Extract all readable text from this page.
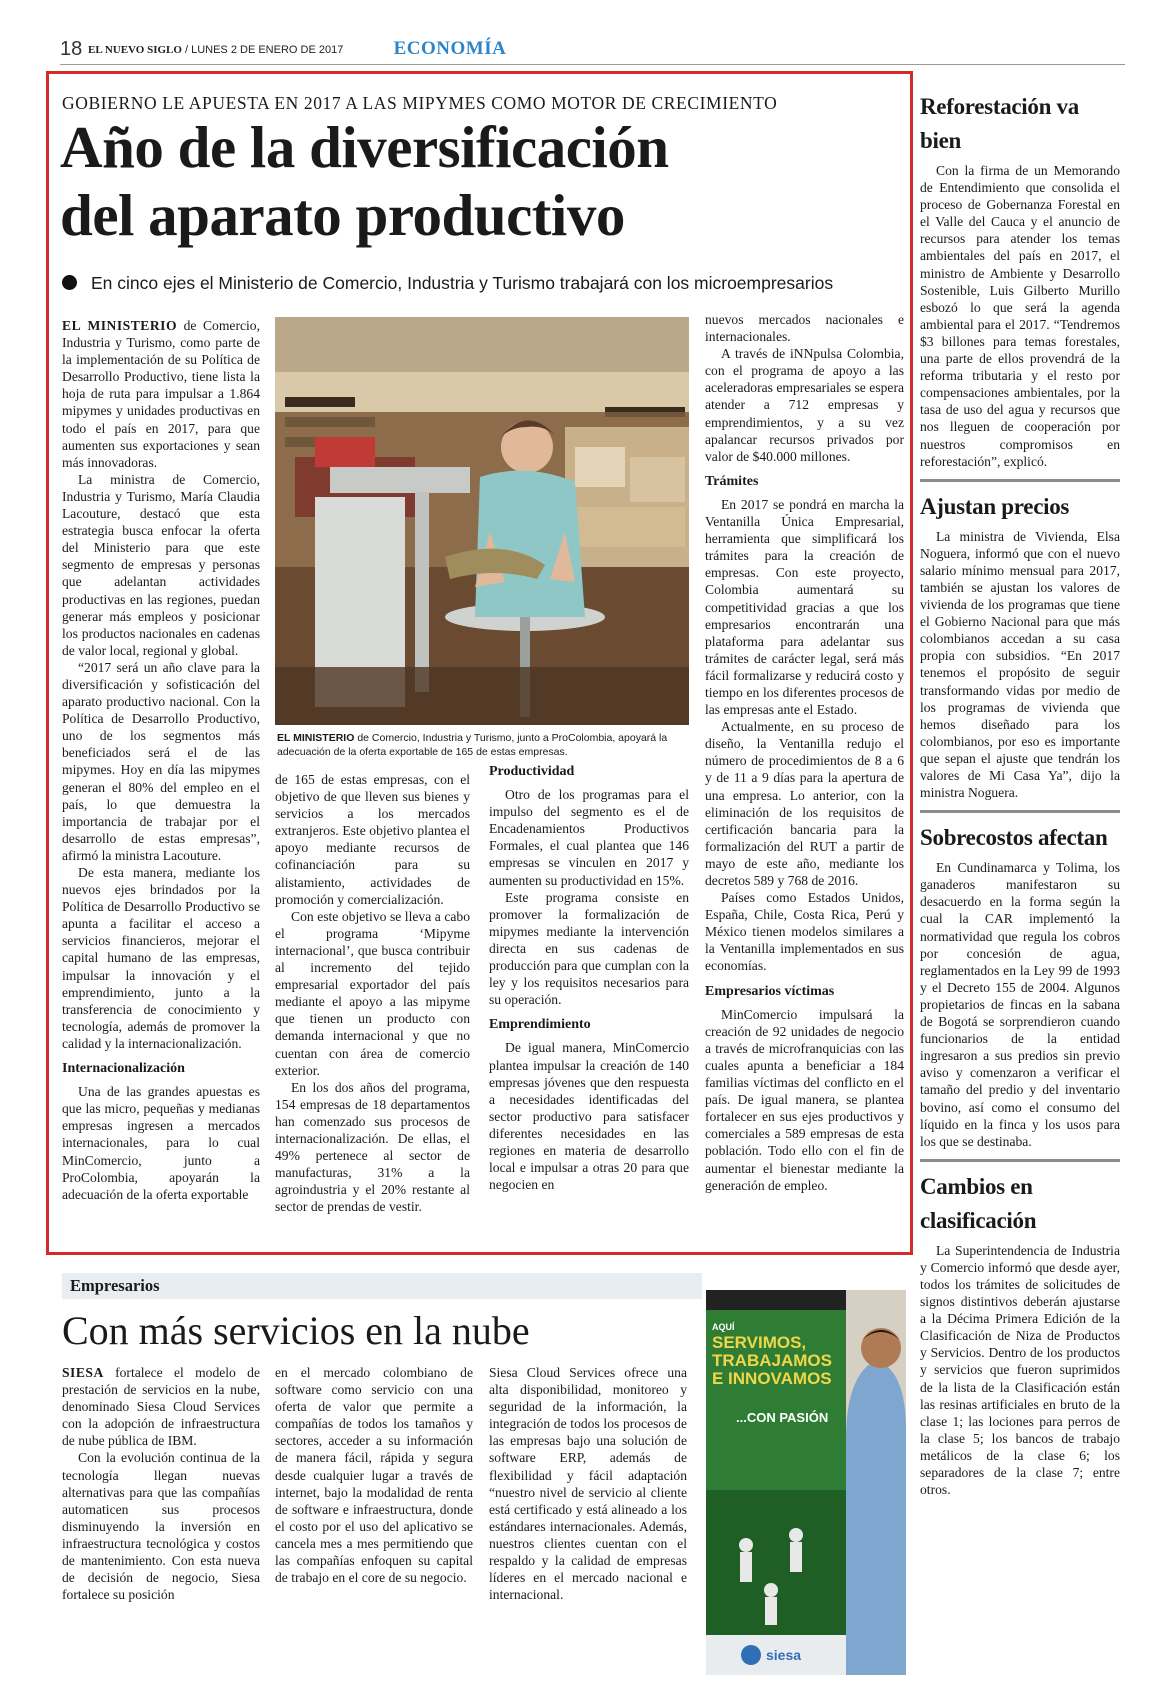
18 EL NUEVO SIGLO / LUNES 2 DE ENERO DE 2017	ECONOMÍA
GOBIERNO LE APUESTA EN 2017 A LAS MIPYMES COMO MOTOR DE CRECIMIENTO
Año de la diversificación
del aparato productivo
En cinco ejes el Ministerio de Comercio, Industria y Turismo trabajará con los microempresarios

EL MINISTERIO de Comercio, Industria y Turismo, como parte de la implementación de su Política de Desarrollo Productivo, tiene lista la hoja de ruta para impulsar a 1.864 mipymes y unidades productivas en todo el país en 2017, para que aumenten sus exportaciones y sean más innovadoras.

La ministra de Comercio, Industria y Turismo, María Claudia Lacouture, destacó que esta estrategia busca enfocar la oferta del Ministerio para que este segmento de empresas y personas que adelantan actividades productivas en las regiones, puedan generar más empleos y posicionar los productos nacionales en cadenas de valor local, regional y global.

“2017 será un año clave para la diversificación y sofisticación del aparato productivo nacional. Con la Política de Desarrollo Productivo, uno de los segmentos más beneficiados será el de las mipymes. Hoy en día las mipymes generan el 80% del empleo en el país, lo que demuestra la importancia de trabajar por el desarrollo de estas empresas”, afirmó la ministra Lacouture.

De esta manera, mediante los nuevos ejes brindados por la Política de Desarrollo Productivo se apunta a facilitar el acceso a servicios financieros, mejorar el capital humano de las empresas, impulsar la innovación y el emprendimiento, junto a la transferencia de conocimiento y tecnología, además de promover la calidad y la internacionalización.

Internacionalización

Una de las grandes apuestas es que las micro, pequeñas y medianas empresas ingresen a mercados internacionales, para lo cual MinComercio, junto a ProColombia, apoyarán la adecuación de la oferta exportable

EL MINISTERIO de Comercio, Industria y Turismo, junto a ProColombia, apoyará la adecuación de la oferta exportable de 165 de estas empresas.

de 165 de estas empresas, con el objetivo de que lleven sus bienes y servicios a los mercados extranjeros. Este objetivo plantea el apoyo mediante recursos de cofinanciación para su alistamiento, actividades de promoción y comercialización.

Con este objetivo se lleva a cabo el programa ‘Mipyme internacional’, que busca contribuir al incremento del tejido empresarial exportador del país mediante el apoyo a las mipyme que tienen un producto con demanda internacional y que no cuentan con área de comercio exterior.

En los dos años del programa, 154 empresas de 18 departamentos han comenzado sus procesos de internacionalización. De ellas, el 49% pertenece al sector de manufacturas, 31% a la agroindustria y el 20% restante al sector de prendas de vestir.

Productividad

Otro de los programas para el impulso del segmento es el de Encadenamientos Productivos Formales, el cual plantea que 146 empresas se vinculen en 2017 y aumenten su productividad en 15%.

Este programa consiste en promover la formalización de mipymes mediante la intervención directa en sus cadenas de producción para que cumplan con la ley y los requisitos necesarios para su operación.

Emprendimiento

De igual manera, MinComercio plantea impulsar la creación de 140 empresas jóvenes que den respuesta a necesidades identificadas del sector productivo para satisfacer diferentes necesidades en las regiones en materia de desarrollo local e impulsar a otras 20 para que negocien en

nuevos mercados nacionales e internacionales.

A través de iNNpulsa Colombia, con el programa de apoyo a las aceleradoras empresariales se espera atender a 712 empresas y emprendimientos, y a su vez apalancar recursos privados por valor de $40.000 millones.

Trámites

En 2017 se pondrá en marcha la Ventanilla Única Empresarial, herramienta que simplificará los trámites para la creación de empresas. Con este proyecto, Colombia aumentará su competitividad gracias a que los empresarios encontrarán una plataforma para adelantar sus trámites de carácter legal, será más fácil formalizarse y reducirá costo y tiempo en los diferentes procesos de las empresas ante el Estado.

Actualmente, en su proceso de diseño, la Ventanilla redujo el número de procedimientos de 8 a 6 y de 11 a 9 días para la apertura de una empresa. Lo anterior, con la eliminación de los requisitos de certificación bancaria para la formalización del RUT a partir de mayo de este año, mediante los decretos 589 y 768 de 2016.

Países como Estados Unidos, España, Chile, Costa Rica, Perú y México tienen modelos similares a la Ventanilla implementados en sus economías.

Empresarios víctimas

MinComercio impulsará la creación de 92 unidades de negocio a través de microfranquicias con las cuales apunta a beneficiar a 184 familias víctimas del conflicto en el país. De igual manera, se plantea fortalecer en sus ejes productivos y comerciales a 589 empresas de esta población. Todo ello con el fin de aumentar el bienestar mediante la generación de empleo.

Reforestación va bien

Con la firma de un Memorando de Entendimiento que consolida el proceso de Gobernanza Forestal en el Valle del Cauca y el anuncio de recursos para atender los temas ambientales del país en 2017, el ministro de Ambiente y Desarrollo Sostenible, Luis Gilberto Murillo esbozó lo que será la agenda ambiental para el 2017. “Tendremos $3 billones para temas forestales, una parte de ellos provendrá de la reforma tributaria y el resto por compensaciones ambientales, por la tasa de uso del agua y recursos que nos lleguen de cooperación por nuestros compromisos en reforestación”, explicó.

Ajustan precios

La ministra de Vivienda, Elsa Noguera, informó que con el nuevo salario mínimo mensual para 2017, también se ajustan los valores de vivienda de los programas que tiene el Gobierno Nacional para que más colombianos accedan a su casa propia con subsidios. “En 2017 tenemos el propósito de seguir transformando vidas por medio de los programas de vivienda que hemos diseñado para los colombianos, por eso es importante que sepan el ajuste que tendrán los valores de Mi Casa Ya”, dijo la ministra Noguera.

Sobrecostos afectan

En Cundinamarca y Tolima, los ganaderos manifestaron su desacuerdo en la forma según la cual la CAR implementó la normatividad que regula los cobros por concesión de agua, reglamentados en la Ley 99 de 1993 y el Decreto 155 de 2004. Algunos propietarios de fincas en la sabana de Bogotá se sorprendieron cuando funcionarios de la entidad ingresaron a sus predios sin previo aviso y comenzaron a verificar el tamaño del predio y del inventario bovino, así como el consumo del líquido en la finca y los usos para los que se destinaba.

Cambios en clasificación

La Superintendencia de Industria y Comercio informó que desde ayer, todos los trámites de solicitudes de signos distintivos deberán ajustarse a la Décima Primera Edición de la Clasificación de Niza de Productos y Servicios. Dentro de los productos y servicios que fueron suprimidos de la lista de la Clasificación están las resinas artificiales en bruto de la clase 1; las lociones para perros de la clase 5; los bancos de trabajo metálicos de la clase 6; los separadores de la clase 7; entre otros.

Empresarios
Con más servicios en la nube

SIESA fortalece el modelo de prestación de servicios en la nube, denominado Siesa Cloud Services con la adopción de infraestructura de nube pública de IBM.

Con la evolución continua de la tecnología llegan nuevas alternativas para que las compañías automaticen sus procesos disminuyendo la inversión en infraestructura tecnológica y costos de mantenimiento. Con esta nueva de decisión de negocio, Siesa fortalece su posición

en el mercado colombiano de software como servicio con una oferta de valor que permite a compañías de todos los tamaños y sectores, acceder a su información de manera fácil, rápida y segura desde cualquier lugar a través de internet, bajo la modalidad de renta de software e infraestructura, donde el costo por el uso del aplicativo se cancela mes a mes permitiendo que las compañías enfoquen su capital de trabajo en el core de su negocio.

Siesa Cloud Services ofrece una alta disponibilidad, monitoreo y seguridad de la información, la integración de todos los procesos de las empresas bajo una solución de software ERP, además de flexibilidad y fácil adaptación “nuestro nivel de servicio al cliente está certificado y está alineado a los estándares internacionales. Además, nuestros clientes cuentan con el respaldo y la calidad de empresas líderes en el mercado nacional e internacional.

siesa
AQUÍ
SERVIMOS,
TRABAJAMOS
E INNOVAMOS
...CON PASIÓN
